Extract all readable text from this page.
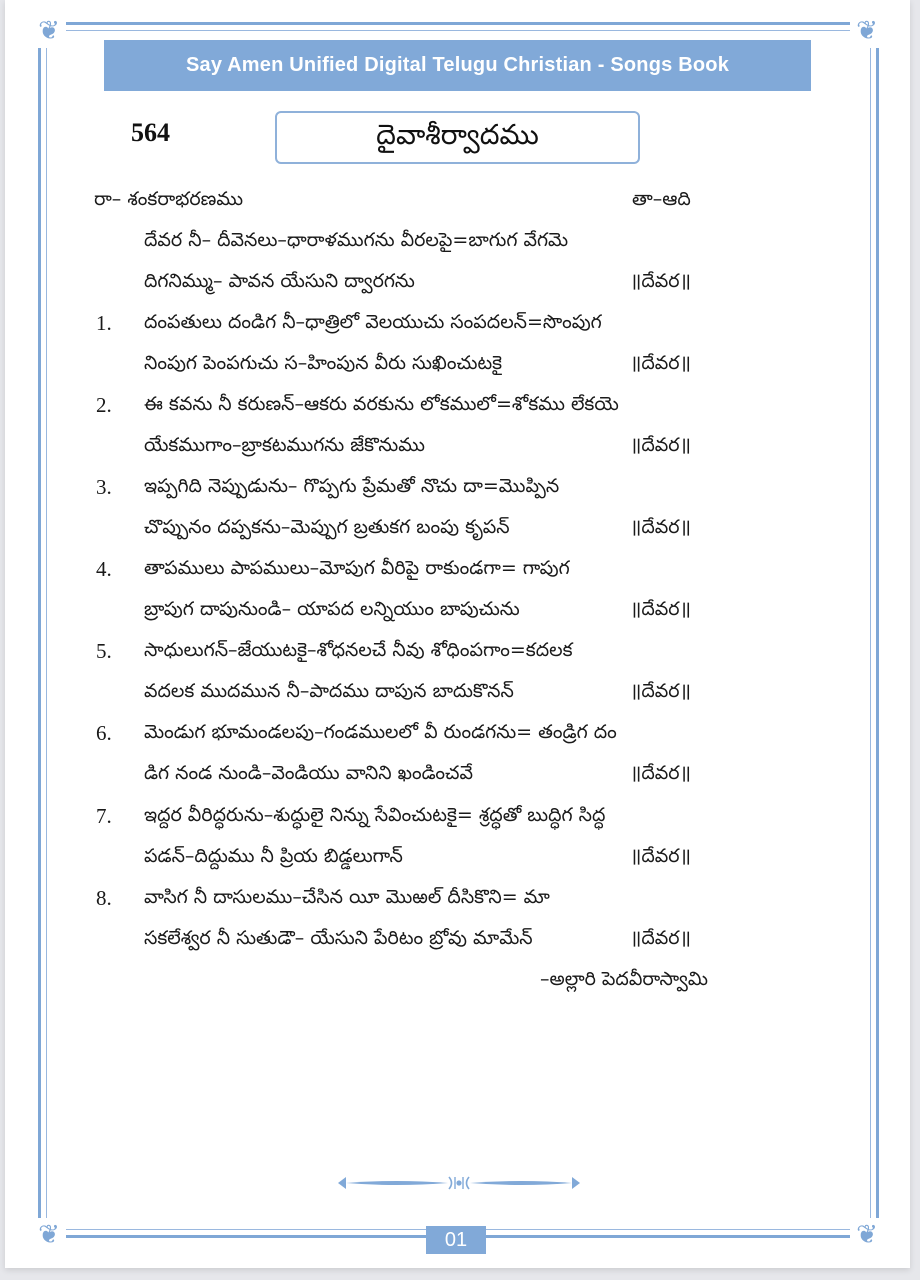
❦	❦
❦	❦
Say Amen Unified Digital Telugu Christian - Songs Book
564	దైవాశీర్వాదము
రా– శంకరాభరణము	తా–ఆది
దేవర నీ– దీవెనలు–ధారాళముగను వీరలపై=బాగుగ వేగమె
దిగనిమ్ము– పావన యేసుని ద్వారగను	॥దేవర॥
1. దంపతులు దండిగ నీ–ధాత్రిలో వెలయుచు సంపదలన్=సొంపుగ
నింపుగ పెంపగుచు స–హింపున వీరు సుఖించుటకై	॥దేవర॥
2. ఈ కవను నీ కరుణన్–ఆకరు వరకును లోకములో=శోకము లేకయె
యేకముగాం–బ్రాకటముగను జేకొనుము	॥దేవర॥
3. ఇప్పగిది నెప్పుడును– గొప్పగు ప్రేమతో నొచు దా=మొప్పిన
చొప్పునం దప్పకను–మెప్పుగ బ్రతుకగ బంపు కృపన్	॥దేవర॥
4. తాపములు పాపములు–మోపుగ వీరిపై రాకుండగా= గాపుగ
బ్రాపుగ దాపునుండి– యాపద లన్నియుం బాపుచును	॥దేవర॥
5. సాధులుగన్–జేయుటకై–శోధనలచే నీవు శోధింపగాం=కదలక
వదలక ముదమున నీ–పాదము దాపున బాదుకొనన్	॥దేవర॥
6. మెండుగ భూమండలపు–గండములలో వీ రుండగను= తండ్రిగ దం
డిగ నండ నుండి–వెండియు వానిని ఖండించవే	॥దేవర॥
7. ఇద్దర వీరిద్ధరును–శుద్ధులై నిన్ను సేవించుటకై= శ్రద్ధతో బుద్ధిగ సిద్ధ
పడన్–దిద్దుము నీ ప్రియ బిడ్డలుగాన్	॥దేవర॥
8. వాసిగ నీ దాసులము–చేసిన యీ మొఱల్ దీసికొని= మా
సకలేశ్వర నీ సుతుడౌ– యేసుని పేరిటం బ్రోవు మామేన్	॥దేవర॥
–అల్లారి పెదవీరాస్వామి
01
